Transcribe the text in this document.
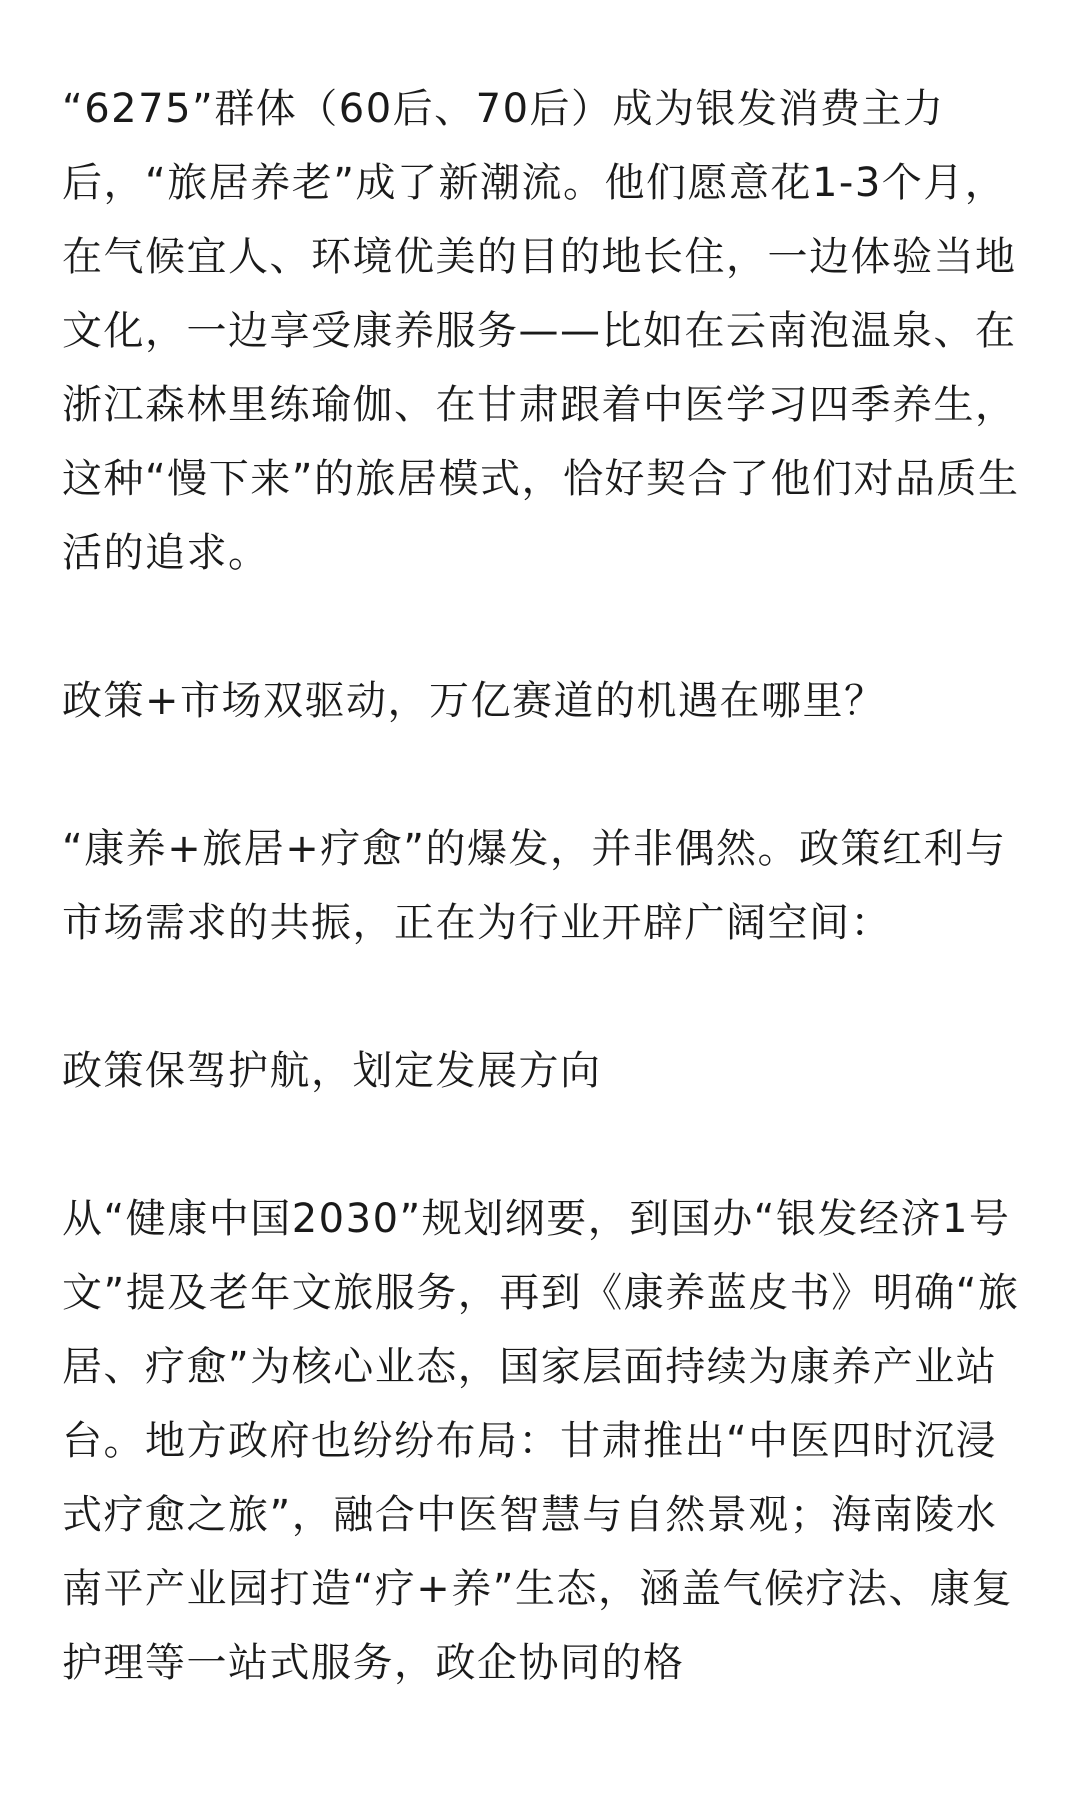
“6275”群体（60后、70后）成为银发消费主力后，“旅居养老”成了新潮流。他们愿意花1-3个月，在气候宜人、环境优美的目的地长住，一边体验当地文化，一边享受康养服务——比如在云南泡温泉、在浙江森林里练瑜伽、在甘肃跟着中医学习四季养生，这种“慢下来”的旅居模式，恰好契合了他们对品质生活的追求。

政策+市场双驱动，万亿赛道的机遇在哪里？

“康养+旅居+疗愈”的爆发，并非偶然。政策红利与市场需求的共振，正在为行业开辟广阔空间：

政策保驾护航，划定发展方向

从“健康中国2030”规划纲要，到国办“银发经济1号文”提及老年文旅服务，再到《康养蓝皮书》明确“旅居、疗愈”为核心业态，国家层面持续为康养产业站台。地方政府也纷纷布局：甘肃推出“中医四时沉浸式疗愈之旅”，融合中医智慧与自然景观；海南陵水南平产业园打造“疗+养”生态，涵盖气候疗法、康复护理等一站式服务，政企协同的格
